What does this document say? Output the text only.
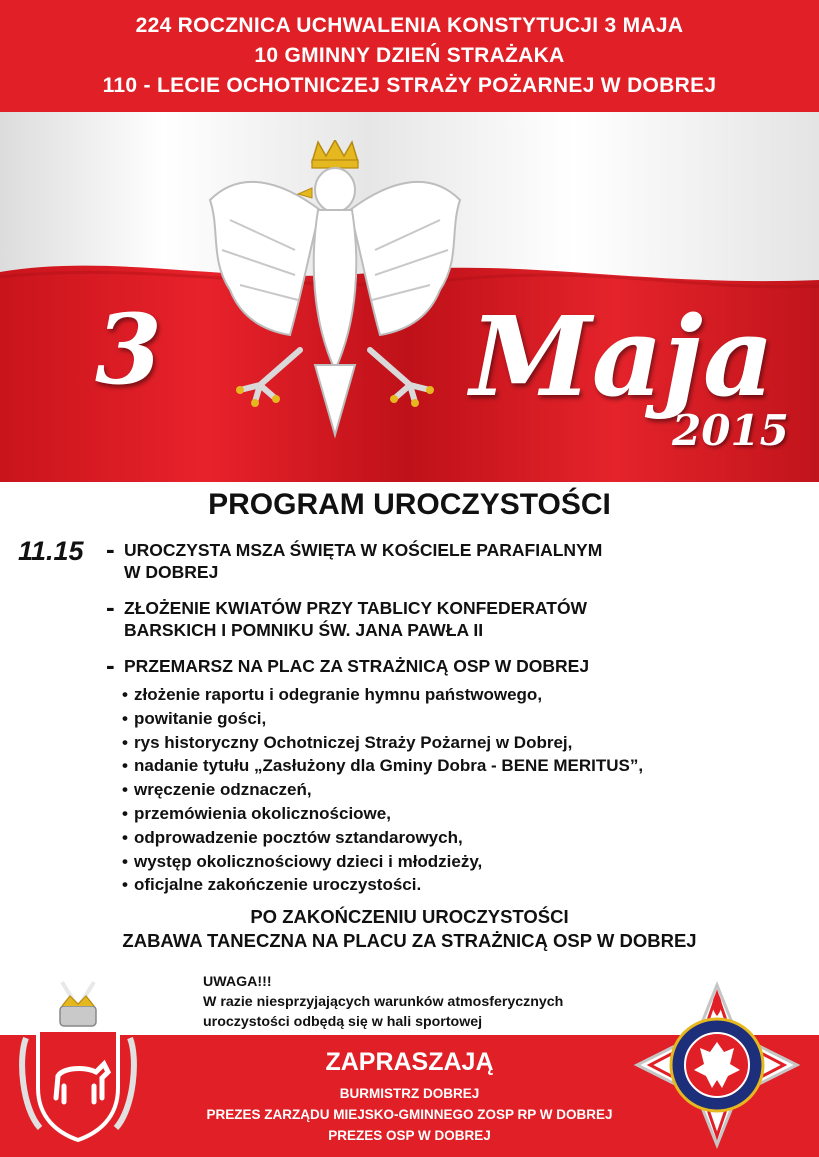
224 ROCZNICA UCHWALENIA KONSTYTUCJI 3 MAJA
10 GMINNY DZIEŃ STRAŻAKA
110 - LECIE OCHOTNICZEJ STRAŻY POŻARNEJ W DOBREJ
3	Maja
2015
PROGRAM UROCZYSTOŚCI
11.15 - UROCZYSTA MSZA ŚWIĘTA W KOŚCIELE PARAFIALNYM
W DOBREJ
- ZŁOŻENIE KWIATÓW PRZY TABLICY KONFEDERATÓW
BARSKICH I POMNIKU ŚW. JANA PAWŁA II
- PRZEMARSZ NA PLAC ZA STRAŻNICĄ OSP W DOBREJ
• złożenie raportu i odegranie hymnu państwowego,
• powitanie gości,
• rys historyczny Ochotniczej Straży Pożarnej w Dobrej,
• nadanie tytułu „Zasłużony dla Gminy Dobra - BENE MERITUS”,
• wręczenie odznaczeń,
• przemówienia okolicznościowe,
• odprowadzenie pocztów sztandarowych,
• występ okolicznościowy dzieci i młodzieży,
• oficjalne zakończenie uroczystości.
PO ZAKOŃCZENIU UROCZYSTOŚCI
ZABAWA TANECZNA NA PLACU ZA STRAŻNICĄ OSP W DOBREJ
UWAGA!!!
W razie niesprzyjających warunków atmosferycznych
uroczystości odbędą się w hali sportowej
ZAPRASZAJĄ
BURMISTRZ DOBREJ
PREZES ZARZĄDU MIEJSKO-GMINNEGO ZOSP RP W DOBREJ
PREZES OSP W DOBREJ
